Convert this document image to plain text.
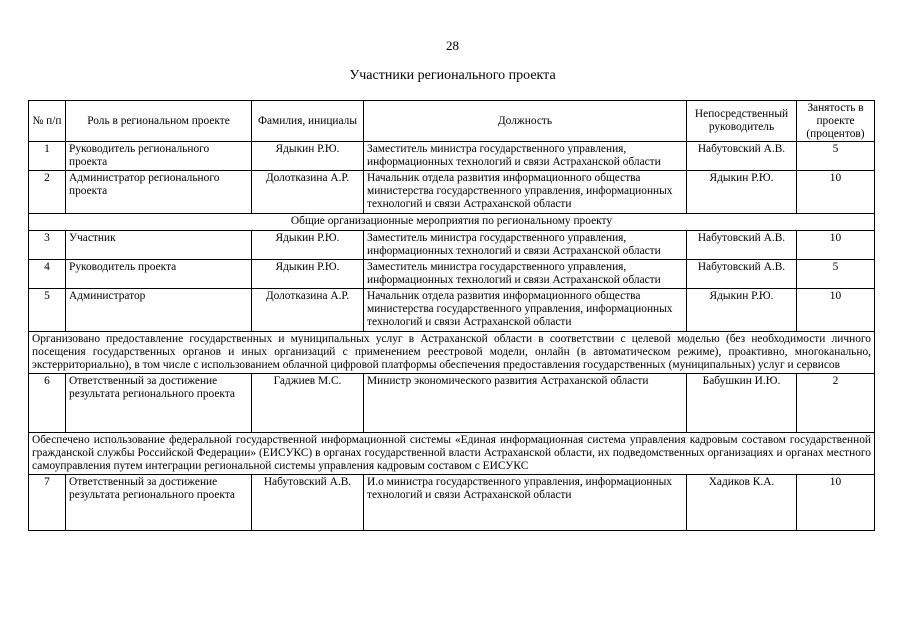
28
Участники регионального проекта
№ п/п	Роль в региональном проекте	Фамилия, инициалы	Должность	Непосредственный руководитель	Занятость в проекте (процентов)
1	Руководитель регионального проекта	Ядыкин Р.Ю.	Заместитель министра государственного управления, информационных технологий и связи Астраханской области	Набутовский А.В.	5
2	Администратор регионального проекта	Долотказина А.Р.	Начальник отдела развития информационного общества министерства государственного управления, информационных технологий и связи Астраханской области	Ядыкин Р.Ю.	10
Общие организационные мероприятия по региональному проекту					
3	Участник	Ядыкин Р.Ю.	Заместитель министра государственного управления, информационных технологий и связи Астраханской области	Набутовский А.В.	10
4	Руководитель проекта	Ядыкин Р.Ю.	Заместитель министра государственного управления, информационных технологий и связи Астраханской области	Набутовский А.В.	5
5	Администратор	Долотказина А.Р.	Начальник отдела развития информационного общества министерства государственного управления, информационных технологий и связи Астраханской области	Ядыкин Р.Ю.	10
Организовано предоставление государственных и муниципальных услуг в Астраханской области в соответствии с целевой моделью (без необходимости личного посещения государственных органов и иных организаций с применением реестровой модели, онлайн (в автоматическом режиме), проактивно, многоканально, экстерриториально), в том числе с использованием облачной цифровой платформы обеспечения предоставления государственных (муниципальных) услуг и сервисов					
6	Ответственный за достижение результата регионального проекта	Гаджиев М.С.	Министр экономического развития Астраханской области	Бабушкин И.Ю.	2
Обеспечено использование федеральной государственной информационной системы «Единая информационная система управления кадровым составом государственной гражданской службы Российской Федерации» (ЕИСУКС) в органах государственной власти Астраханской области, их подведомственных организациях и органах местного самоуправления путем интеграции региональной системы управления кадровым составом с ЕИСУКС					
7	Ответственный за достижение результата регионального проекта	Набутовский А.В.	И.о министра государственного управления, информационных технологий и связи Астраханской области	Хадиков К.А.	10
